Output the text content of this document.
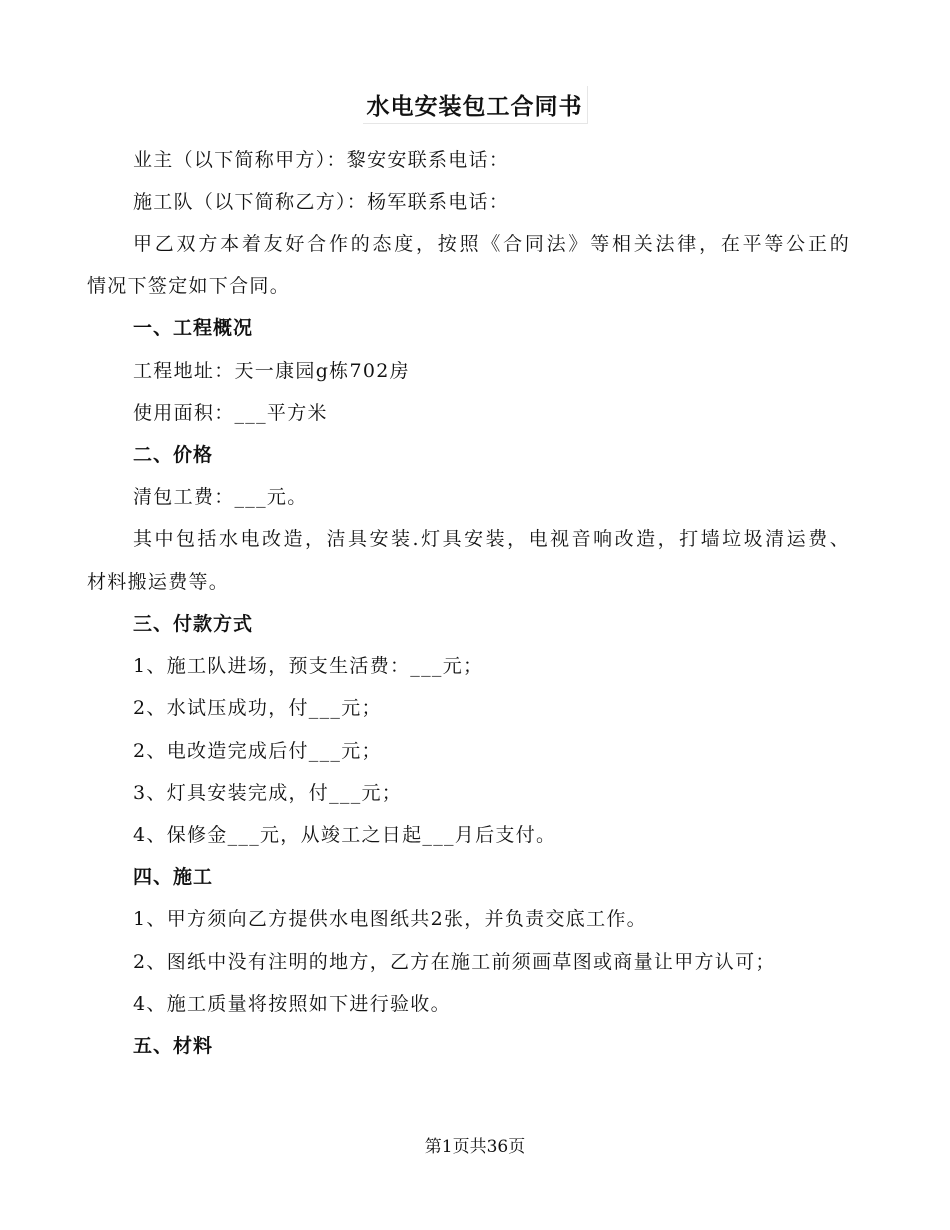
水电安装包工合同书
业主（以下简称甲方）：黎安安联系电话：
施工队（以下简称乙方）：杨军联系电话：
甲乙双方本着友好合作的态度，按照《合同法》等相关法律，在平等公正的
情况下签定如下合同。
一、工程概况
工程地址：天一康园g栋702房
使用面积：___平方米
二、价格
清包工费：___元。
其中包括水电改造，洁具安装.灯具安装，电视音响改造，打墙垃圾清运费、
材料搬运费等。
三、付款方式
1、施工队进场，预支生活费：___元；
2、水试压成功，付___元；
2、电改造完成后付___元；
3、灯具安装完成，付___元；
4、保修金___元，从竣工之日起___月后支付。
四、施工
1、甲方须向乙方提供水电图纸共2张，并负责交底工作。
2、图纸中没有注明的地方，乙方在施工前须画草图或商量让甲方认可；
4、施工质量将按照如下进行验收。
五、材料
第1页共36页
